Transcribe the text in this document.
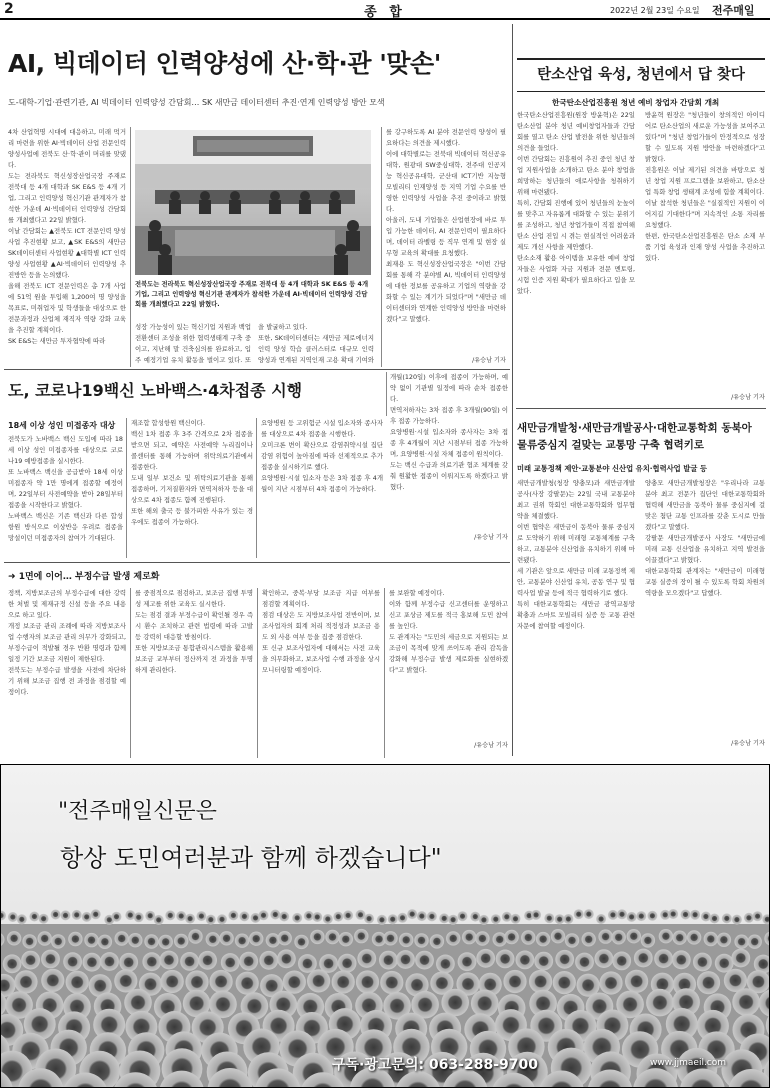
2	종 합	2022년 2월 23일 수요일 전주매일
AI, 빅데이터 인력양성에 산·학·관 '맞손'
도-대학-기업·관련기관, AI 빅데이터 인력양성 간담회… SK 새만금 데이터센터 추진·연계 인력양성 방안 모색
4차 산업혁명 시대에 대응하고, 미래 먹거리 마련을 위한 AI·빅데이터 산업 전문인력 양성사업에 전북도 산·학·관이 머리를 맞댔다.
도는 전라북도 혁신성장산업국장 주재로 전북대 등 4개 대학과 SK E&S 등 4개 기업, 그리고 인력양성 혁신기관 관계자가 참석한 가운데 AI·빅데이터 인력양성 간담회를 개최했다고 22일 밝혔다.
이날 간담회는 ▲전북도 ICT 전문인력 양성사업 추진현황 보고, ▲SK E&S의 새만금 SK데이터센터 사업현황 ▲대학별 ICT 인력양성 사업현황 ▲AI·빅데이터 인력양성 추진방안 등을 논의했다.
올해 전북도 ICT 전문인력은 총 7개 사업에 51억 원을 투입해 1,200여 명 양성을 목표로, 미취업자 및 학생들을 대상으로 한 전문과정과 산업체 재직자 역량 강화 교육을 추진할 계획이다.
SK E&S는 새만금 투자협약에 따라
전북도는 전라북도 혁신성장산업국장 주재로 전북대 등 4개 대학과 SK E&S 등 4개 기업, 그리고 인력양성 혁신기관 관계자가 참석한 가운데 AI·빅데이터 인력양성 간담회를 개최했다고 22일 밝혔다.
성장 가능성이 있는 혁신기업 지원과 백업전환센터 조성을 위한 협력생태계 구축 중이고, 지난해 말 건축심의를 완료하고, 입주 예정기업 유치 활동을 벌이고 있다. 또
을 발굴하고 있다.
또한, SK데이터센터는 새만금 제로에너지 인력 양성 학습 클러스터로 대규모 인력 양성과 연계된 지역인재 고용 확대 기여와
를 강구하도록 AI 분야 전문인력 양성이 필요하다는 의견을 제시했다.
이에 대학별로는 전북대 빅데이터 혁신공유대학, 원광대 SW중심대학, 전주대 인공지능 혁신공유대학, 군산대 ICT기반 지능형 모빌리티 인재양성 등 지역 기업 수요를 반영한 인력양성 사업을 추진 중이라고 밝혔다.
아울러, 도내 기업들은 산업현장에 바로 투입 가능한 데이터, AI 전문인력이 필요하다며, 데이터 라벨링 등 직무 연계 및 현장 실무형 교육의 확대를 요청했다.
최재용 도 혁신성장산업국장은 "이번 간담회를 통해 각 분야별 AI, 빅데이터 인력양성에 대한 정보를 공유하고 기업의 역량을 강화할 수 있는 계기가 되었다"며 "새만금 데이터센터와 연계한 인력양성 방안을 마련하겠다"고 말했다.
/유승남 기자
탄소산업 육성, 청년에서 답 찾다
한국탄소산업진흥원 청년 예비 창업자 간담회 개최
한국탄소산업진흥원(원장 방윤혁)은 22일 탄소산업 분야 청년 예비창업자들과 간담회를 열고 탄소 산업 발전을 위한 청년들의 의견을 들었다.
이번 간담회는 진흥원이 추진 중인 청년 창업 지원사업을 소개하고 탄소 분야 창업을 희망하는 청년들의 애로사항을 청취하기 위해 마련됐다.
특히, 간담회 진행에 있어 청년들의 눈높이를 맞추고 자유롭게 대화할 수 있는 분위기를 조성하고, 청년 창업가들이 직접 참여해 탄소 산업 진입 시 겪는 현실적인 어려움과 제도 개선 사항을 제안했다.
탄소소재 활용 아이템을 보유한 예비 창업자들은 사업화 자금 지원과 전문 멘토링, 시험 인증 지원 확대가 필요하다고 입을 모았다.
방윤혁 원장은 "청년들이 창의적인 아이디어로 탄소산업의 새로운 가능성을 보여주고 있다"며 "청년 창업가들이 안정적으로 성장할 수 있도록 지원 방안을 마련하겠다"고 밝혔다.
진흥원은 이날 제기된 의견을 바탕으로 청년 창업 지원 프로그램을 보완하고, 탄소산업 특화 창업 생태계 조성에 힘쓸 계획이다.
이날 참석한 청년들은 "실질적인 지원이 이어지길 기대한다"며 지속적인 소통 자리를 요청했다.
한편, 한국탄소산업진흥원은 탄소 소재 부품 기업 육성과 인재 양성 사업을 추진하고 있다.
/유승남 기자
도, 코로나19백신 노바백스·4차접종 시행
18세 이상 성인 미접종자 대상
전북도가 노바백스 백신 도입에 따라 18세 이상 성인 미접종자를 대상으로 코로나19 예방접종을 실시한다.
또 노바백스 백신을 공급받아 18세 이상 미접종자 약 1만 명에게 접종할 예정이며, 22일부터 사전예약을 받아 28일부터 접종을 시작한다고 밝혔다.
노바백스 백신은 기존 백신과 다른 합성항원 방식으로 이상반응 우려로 접종을 망설이던 미접종자의 참여가 기대된다.
재조합 합성항원 백신이다.
백신 1차 접종 후 3주 간격으로 2차 접종을 받으면 되고, 예약은 사전예약 누리집이나 콜센터를 통해 가능하며 위탁의료기관에서 접종한다.
도내 일부 보건소 및 위탁의료기관을 통해 접종하며, 기저질환자와 면역저하자 등을 대상으로 4차 접종도 함께 진행된다.
또한 해외 출국 등 불가피한 사유가 있는 경우에도 접종이 가능하다.
요양병원 등 고위험군 시설 입소자와 종사자를 대상으로 4차 접종을 시행한다.
오미크론 변이 확산으로 감염취약시설 집단감염 위험이 높아짐에 따라 선제적으로 추가접종을 실시하기로 했다.
요양병원·시설 입소자 등은 3차 접종 후 4개월이 지난 시점부터 4차 접종이 가능하다.
개월(120일) 이후에 접종이 가능하며, 예약 없이 기관별 일정에 따라 순차 접종한다.
면역저하자는 3차 접종 후 3개월(90일) 이후 접종 가능하다.
요양병원·시설 입소자와 종사자는 3차 접종 후 4개월이 지난 시점부터 접종 가능하며, 요양병원·시설 자체 접종이 원칙이다.
도는 백신 수급과 의료기관 협조 체계를 갖춰 원활한 접종이 이뤄지도록 하겠다고 밝혔다.
/유승남 기자
새만금개발청·새만금개발공사·대한교통학회 동북아 물류중심지 걸맞는 교통망 구축 협력키로
미래 교통정책 제안·교통분야 신산업 유치·협력사업 발굴 등
새만금개발청(청장 양충모)과 새만금개발공사(사장 강팔문)는 22일 국내 교통분야 최고 권위 학회인 대한교통학회와 업무협약을 체결했다.
이번 협약은 새만금이 동북아 물류 중심지로 도약하기 위해 미래형 교통체계를 구축하고, 교통분야 신산업을 유치하기 위해 마련됐다.
세 기관은 앞으로 새만금 미래 교통정책 제안, 교통분야 신산업 유치, 공동 연구 및 협력사업 발굴 등에 적극 협력하기로 했다.
특히 대한교통학회는 새만금 광역교통망 확충과 스마트 모빌리티 실증 등 교통 관련 자문에 참여할 예정이다.
양충모 새만금개발청장은 "우리나라 교통분야 최고 전문가 집단인 대한교통학회와 협력해 새만금을 동북아 물류 중심지에 걸맞은 첨단 교통 인프라를 갖춘 도시로 만들겠다"고 말했다.
강팔문 새만금개발공사 사장도 "새만금에 미래 교통 신산업을 유치하고 지역 발전을 이끌겠다"고 밝혔다.
대한교통학회 관계자는 "새만금이 미래형 교통 실증의 장이 될 수 있도록 학회 차원의 역량을 모으겠다"고 답했다.
/유승남 기자
➜ 1면에 이어… 부정수급 발생 제로화
정책, 지방보조금의 부정수급에 대한 강력한 처벌 및 제재규정 신설 등을 주요 내용으로 하고 있다.
개정 보조금 관리 조례에 따라 지방보조사업 수행자의 보조금 관리 의무가 강화되고, 부정수급이 적발될 경우 반환 명령과 함께 일정 기간 보조금 지원이 제한된다.
전북도는 부정수급 발생을 사전에 차단하기 위해 보조금 집행 전 과정을 점검할 예정이다.
를 중점적으로 점검하고, 보조금 집행 투명성 제고를 위한 교육도 실시한다.
도는 점검 결과 부정수급이 확인될 경우 즉시 환수 조치하고 관련 법령에 따라 고발 등 강력히 대응할 방침이다.
또한 지방보조금 통합관리시스템을 활용해 보조금 교부부터 정산까지 전 과정을 투명하게 관리한다.
확인하고, 중복·부당 보조금 지급 여부를 점검할 계획이다.
점검 대상은 도 지방보조사업 전반이며, 보조사업자의 회계 처리 적정성과 보조금 용도 외 사용 여부 등을 집중 점검한다.
또 신규 보조사업자에 대해서는 사전 교육을 의무화하고, 보조사업 수행 과정을 상시 모니터링할 예정이다.
를 보완할 예정이다.
이와 함께 부정수급 신고센터를 운영하고 신고 포상금 제도를 적극 홍보해 도민 참여를 높인다.
도 관계자는 "도민의 세금으로 지원되는 보조금이 목적에 맞게 쓰이도록 관리 감독을 강화해 부정수급 발생 제로화를 실현하겠다"고 밝혔다.
/유승남 기자
"전주매일신문은
항상 도민여러분과 함께 하겠습니다"
구독·광고문의: 063-288-9700	www.jjmaeil.com
